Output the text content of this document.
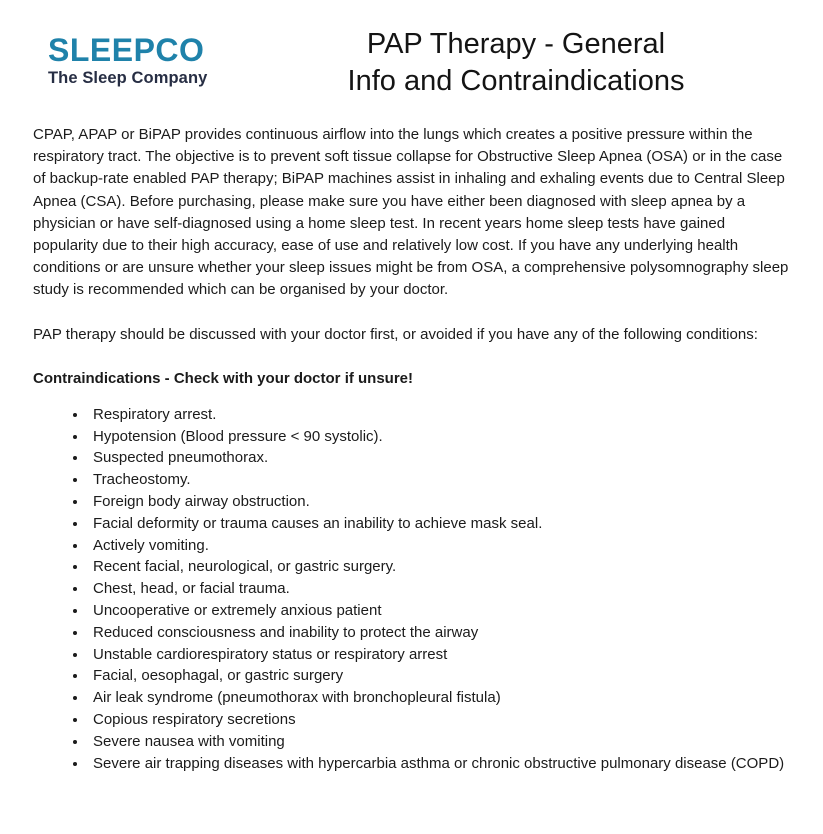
SLEEPCO
The Sleep Company
PAP Therapy - General
Info and Contraindications

CPAP, APAP or BiPAP provides continuous airflow into the lungs which creates a positive pressure within the respiratory tract. The objective is to prevent soft tissue collapse for Obstructive Sleep Apnea (OSA) or in the case of backup-rate enabled PAP therapy; BiPAP machines assist in inhaling and exhaling events due to Central Sleep Apnea (CSA). Before purchasing, please make sure you have either been diagnosed with sleep apnea by a physician or have self-diagnosed using a home sleep test. In recent years home sleep tests have gained popularity due to their high accuracy, ease of use and relatively low cost. If you have any underlying health conditions or are unsure whether your sleep issues might be from OSA, a comprehensive polysomnography sleep study is recommended which can be organised by your doctor.

PAP therapy should be discussed with your doctor first, or avoided if you have any of the following conditions:

Contraindications - Check with your doctor if unsure!
• Respiratory arrest.
• Hypotension (Blood pressure < 90 systolic).
• Suspected pneumothorax.
• Tracheostomy.
• Foreign body airway obstruction.
• Facial deformity or trauma causes an inability to achieve mask seal.
• Actively vomiting.
• Recent facial, neurological, or gastric surgery.
• Chest, head, or facial trauma.
• Uncooperative or extremely anxious patient
• Reduced consciousness and inability to protect the airway
• Unstable cardiorespiratory status or respiratory arrest
• Facial, oesophagal, or gastric surgery
• Air leak syndrome (pneumothorax with bronchopleural fistula)
• Copious respiratory secretions
• Severe nausea with vomiting
• Severe air trapping diseases with hypercarbia asthma or chronic obstructive pulmonary disease (COPD)
